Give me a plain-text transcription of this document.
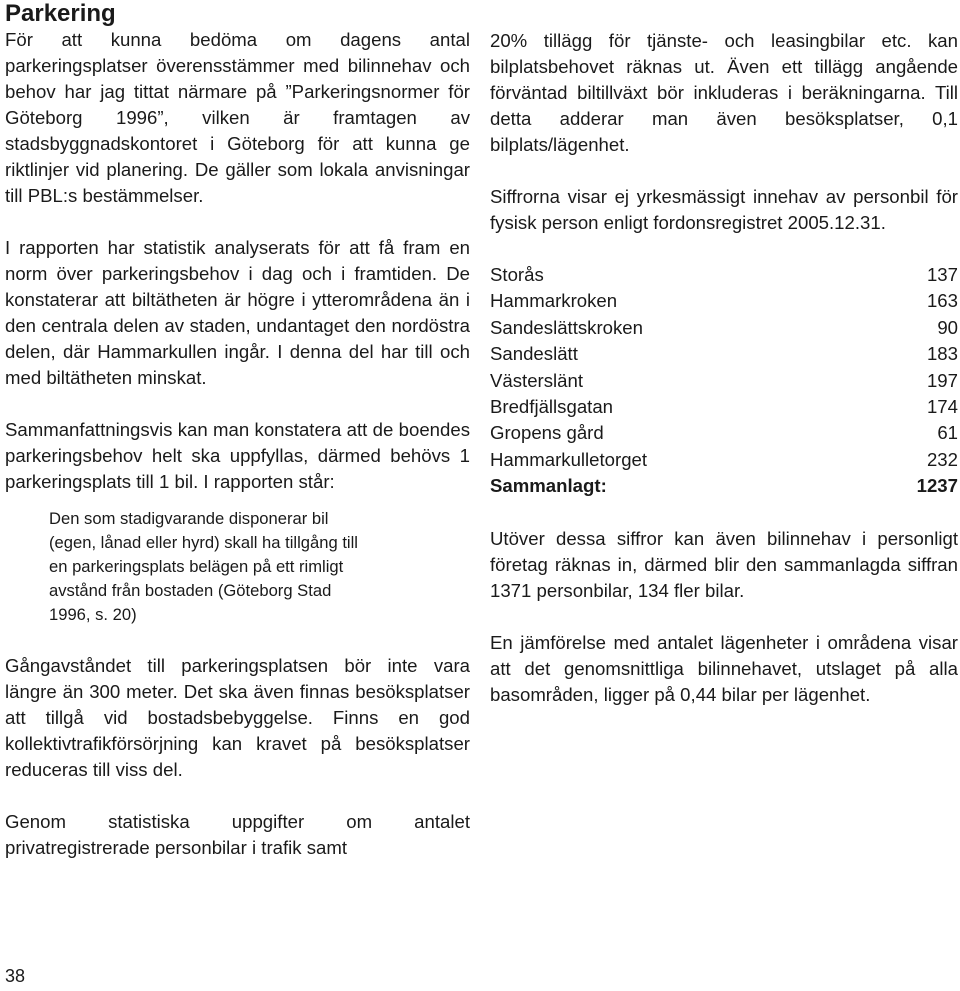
Parkering

För att kunna bedöma om dagens antal parkeringsplatser överensstämmer med bilinnehav och behov har jag tittat närmare på ”Parkeringsnormer för Göteborg 1996”, vilken är framtagen av stadsbyggnadskontoret i Göteborg för att kunna ge riktlinjer vid planering. De gäller som lokala anvisningar till PBL:s bestämmelser.

I rapporten har statistik analyserats för att få fram en norm över parkeringsbehov i dag och i framtiden. De konstaterar att biltätheten är högre i ytterområdena än i den centrala delen av staden, undantaget den nordöstra delen, där Hammarkullen ingår. I denna del har till och med biltätheten minskat.

Sammanfattningsvis kan man konstatera att de boendes parkeringsbehov helt ska uppfyllas, därmed behövs 1 parkeringsplats till 1 bil. I rapporten står:

Den som stadigvarande disponerar bil (egen, lånad eller hyrd) skall ha tillgång till en parkeringsplats belägen på ett rimligt avstånd från bostaden (Göteborg Stad 1996, s. 20)

Gångavståndet till parkeringsplatsen bör inte vara längre än 300 meter. Det ska även finnas besöksplatser att tillgå vid bostadsbebyggelse. Finns en god kollektivtrafikförsörjning kan kravet på besöksplatser reduceras till viss del.

Genom statistiska uppgifter om antalet privatregistrerade personbilar i trafik samt

20% tillägg för tjänste- och leasingbilar etc. kan bilplatsbehovet räknas ut. Även ett tillägg angående förväntad biltillväxt bör inkluderas i beräkningarna. Till detta adderar man även besöksplatser, 0,1 bilplats/lägenhet.

Siffrorna visar ej yrkesmässigt innehav av personbil för fysisk person enligt fordonsregistret 2005.12.31.

Storås	137
Hammarkroken	163
Sandeslättskroken	90
Sandeslätt	183
Västerslänt	197
Bredfjällsgatan	174
Gropens gård	61
Hammarkulletorget	232
Sammanlagt:	1237

Utöver dessa siffror kan även bilinnehav i personligt företag räknas in, därmed blir den sammanlagda siffran 1371 personbilar, 134 fler bilar.

En jämförelse med antalet lägenheter i områdena visar att det genomsnittliga bilinnehavet, utslaget på alla basområden, ligger på 0,44 bilar per lägenhet.

38
